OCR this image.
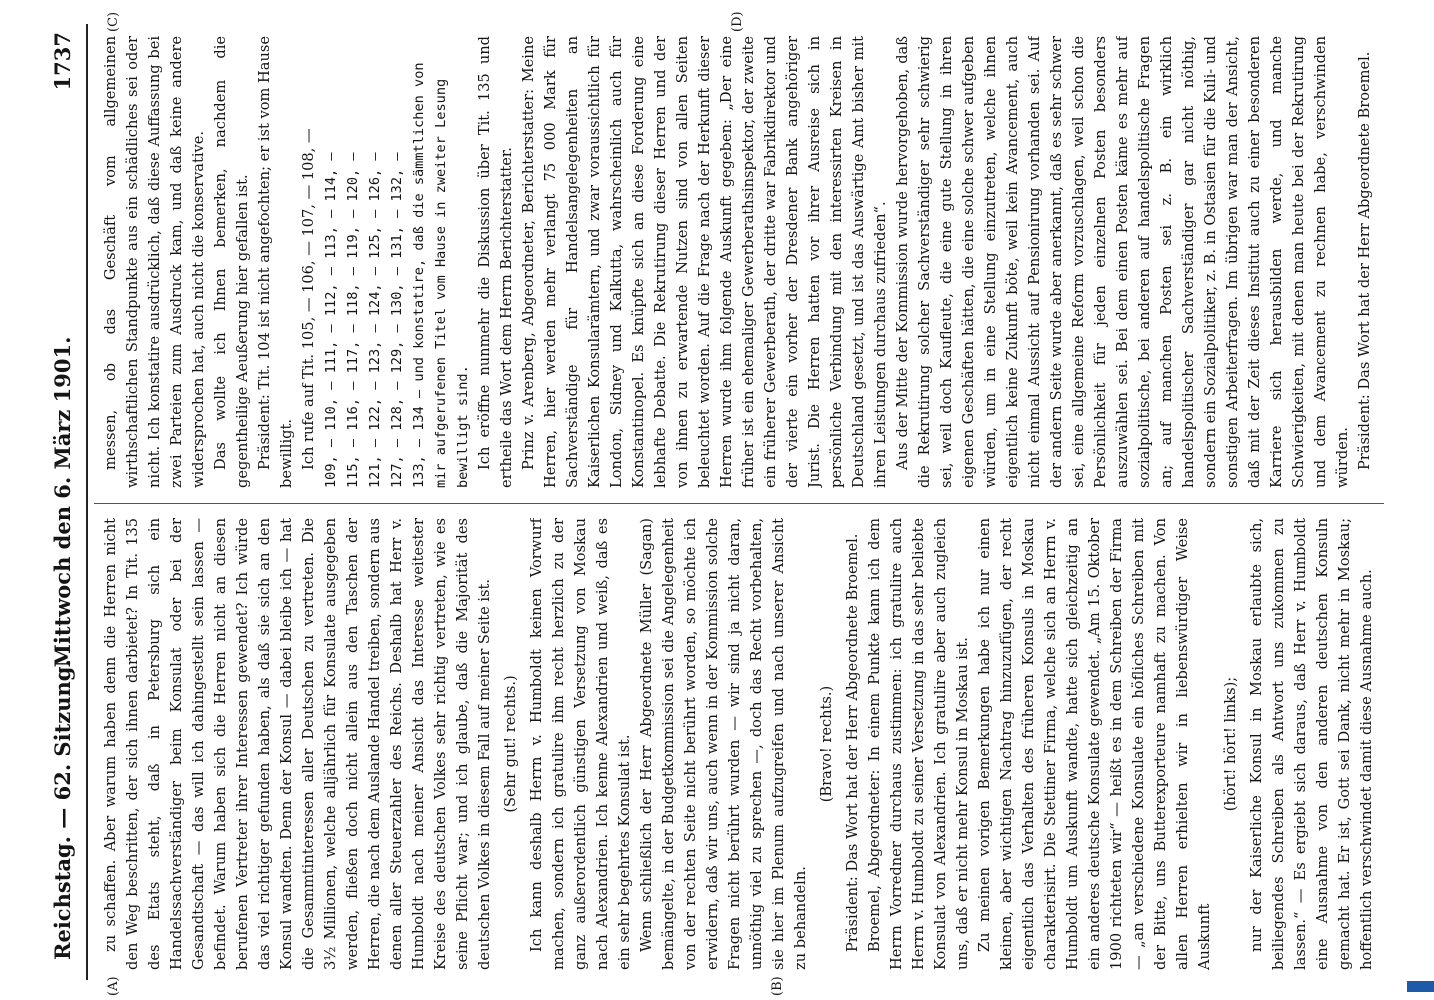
Reichstag. — 62. Sitzung.
Mittwoch den 6. März 1901.
1737
(A)	(B)
(C)	(D)

zu schaffen. Aber warum haben denn die Herren nicht den Weg beschritten, der sich ihnen darbietet? In Tit. 135 des Etats steht, daß in Petersburg sich ein Handelssachverständiger beim Konsulat oder bei der Gesandtschaft — das will ich dahingestellt sein lassen — befindet. Warum haben sich die Herren nicht an diesen berufenen Vertreter ihrer Interessen gewendet? Ich würde das viel richtiger gefunden haben, als daß sie sich an den Konsul wandten. Denn der Konsul — dabei bleibe ich — hat die Gesammtinteressen aller Deutschen zu vertreten. Die 3½ Millionen, welche alljährlich für Konsulate ausgegeben werden, fließen doch nicht allein aus den Taschen der Herren, die nach dem Auslande Handel treiben, sondern aus denen aller Steuerzahler des Reichs. Deshalb hat Herr v. Humboldt nach meiner Ansicht das Interesse weitester Kreise des deutschen Volkes sehr richtig vertreten, wie es seine Pflicht war; und ich glaube, daß die Majorität des deutschen Volkes in diesem Fall auf meiner Seite ist. (Sehr gut! rechts.) Ich kann deshalb Herrn v. Humboldt keinen Vorwurf machen, sondern ich gratulire ihm recht herzlich zu der ganz außerordentlich günstigen Versetzung von Moskau nach Alexandrien. Ich kenne Alexandrien und weiß, daß es ein sehr begehrtes Konsulat ist. Wenn schließlich der Herr Abgeordnete Müller (Sagan) bemängelte, in der Budgetkommission sei die Angelegenheit von der rechten Seite nicht berührt worden, so möchte ich erwidern, daß wir uns, auch wenn in der Kommission solche Fragen nicht berührt wurden — wir sind ja nicht daran, unnöthig viel zu sprechen —, doch das Recht vorbehalten, sie hier im Plenum aufzugreifen und nach unserer Ansicht zu behandeln.

(Bravo! rechts.) Präsident: Das Wort hat der Herr Abgeordnete Broemel. Broemel, Abgeordneter: In einem Punkte kann ich dem Herrn Vorredner durchaus zustimmen: ich gratulire auch Herrn v. Humboldt zu seiner Versetzung in das sehr beliebte Konsulat von Alexandrien. Ich gratulire aber auch zugleich uns, daß er nicht mehr Konsul in Moskau ist. Zu meinen vorigen Bemerkungen habe ich nur einen kleinen, aber wichtigen Nachtrag hinzuzufügen, der recht eigentlich das Verhalten des früheren Konsuls in Moskau charakterisirt. Die Stettiner Firma, welche sich an Herrn v. Humboldt um Auskunft wandte, hatte sich gleichzeitig an ein anderes deutsche Konsulate gewendet. „Am 15. Oktober 1900 richteten wir“ — heißt es in dem Schreiben der Firma — „an verschiedene Konsulate ein höfliches Schreiben mit der Bitte, uns Butterexporteure namhaft zu machen. Von allen Herren erhielten wir in liebenswürdiger Weise Auskunft

(hört! hört! links); nur der Kaiserliche Konsul in Moskau erlaubte sich, beiliegendes Schreiben als Antwort uns zukommen zu lassen.“ — Es ergiebt sich daraus, daß Herr v. Humboldt eine Ausnahme von den anderen deutschen Konsuln gemacht hat. Er ist, Gott sei Dank, nicht mehr in Moskau; hoffentlich verschwindet damit diese Ausnahme auch.

messen, ob das Geschäft vom allgemeinen wirthschaftlichen Standpunkte aus ein schädliches sei oder nicht. Ich konstatire ausdrücklich, daß diese Auffassung bei zwei Parteien zum Ausdruck kam, und daß keine andere widersprochen hat, auch nicht die konservative. Das wollte ich Ihnen bemerken, nachdem die gegentheilige Aeußerung hier gefallen ist. Präsident: Tit. 104 ist nicht angefochten; er ist vom Hause bewilligt. Ich rufe auf Tit. 105, — 106, — 107, — 108, —

109, — 110, — 111, — 112, — 113, — 114, —
115, — 116, — 117, — 118, — 119, — 120, —
121, — 122, — 123, — 124, — 125, — 126, —
127, — 128, — 129, — 130, — 131, — 132, —
133, — 134 — und konstatire, daß die sämmtlichen von mir aufgerufenen Titel vom Hause in zweiter Lesung bewilligt sind. Ich eröffne nunmehr die Diskussion über Tit. 135 und ertheile das Wort dem Herrn Berichterstatter. Prinz v. Arenberg, Abgeordneter, Berichterstatter: Meine Herren, hier werden mehr verlangt 75 000 Mark für Sachverständige für Handelsangelegenheiten an Kaiserlichen Konsularämtern, und zwar voraussichtlich für London, Sidney und Kalkutta, wahrscheinlich auch für Konstantinopel. Es knüpfte sich an diese Forderung eine lebhafte Debatte. Die Rekrutirung dieser Herren und der von ihnen zu erwartende Nutzen sind von allen Seiten beleuchtet worden. Auf die Frage nach der Herkunft dieser Herren wurde ihm folgende Auskunft gegeben: „Der eine früher ist ein ehemaliger Gewerberathsinspektor, der zweite ein früherer Gewerberath, der dritte war Fabrikdirektor und der vierte ein vorher der Dresdener Bank angehöriger Jurist. Die Herren hatten vor ihrer Ausreise sich in persönliche Verbindung mit den interessirten Kreisen in Deutschland gesetzt, und ist das Auswärtige Amt bisher mit ihren Leistungen durchaus zufrieden“. Aus der Mitte der Kommission wurde hervorgehoben, daß die Rekrutirung solcher Sachverständiger sehr schwierig sei, weil doch Kaufleute, die eine gute Stellung in ihren eigenen Geschäften hätten, die eine solche schwer aufgeben würden, um in eine Stellung einzutreten, welche ihnen eigentlich keine Zukunft böte, weil kein Avancement, auch nicht einmal Aussicht auf Pensionirung vorhanden sei. Auf der andern Seite wurde aber anerkannt, daß es sehr schwer sei, eine allgemeine Reform vorzuschlagen, weil schon die Persönlichkeit für jeden einzelnen Posten besonders auszuwählen sei. Bei dem einen Posten käme es mehr auf sozialpolitische, bei anderen auf handelspolitische Fragen an; auf manchen Posten sei z. B. ein wirklich handelspolitischer Sachverständiger gar nicht nöthig, sondern ein Sozialpolitiker, z. B. in Ostasien für die Kuli- und sonstigen Arbeiterfragen. Im übrigen war man der Ansicht, daß mit der Zeit dieses Institut auch zu einer besonderen Karriere sich herausbilden werde, und manche Schwierigkeiten, mit denen man heute bei der Rekrutirung und dem Avancement zu rechnen habe, verschwinden würden. Präsident: Das Wort hat der Herr Abgeordnete Broemel.
